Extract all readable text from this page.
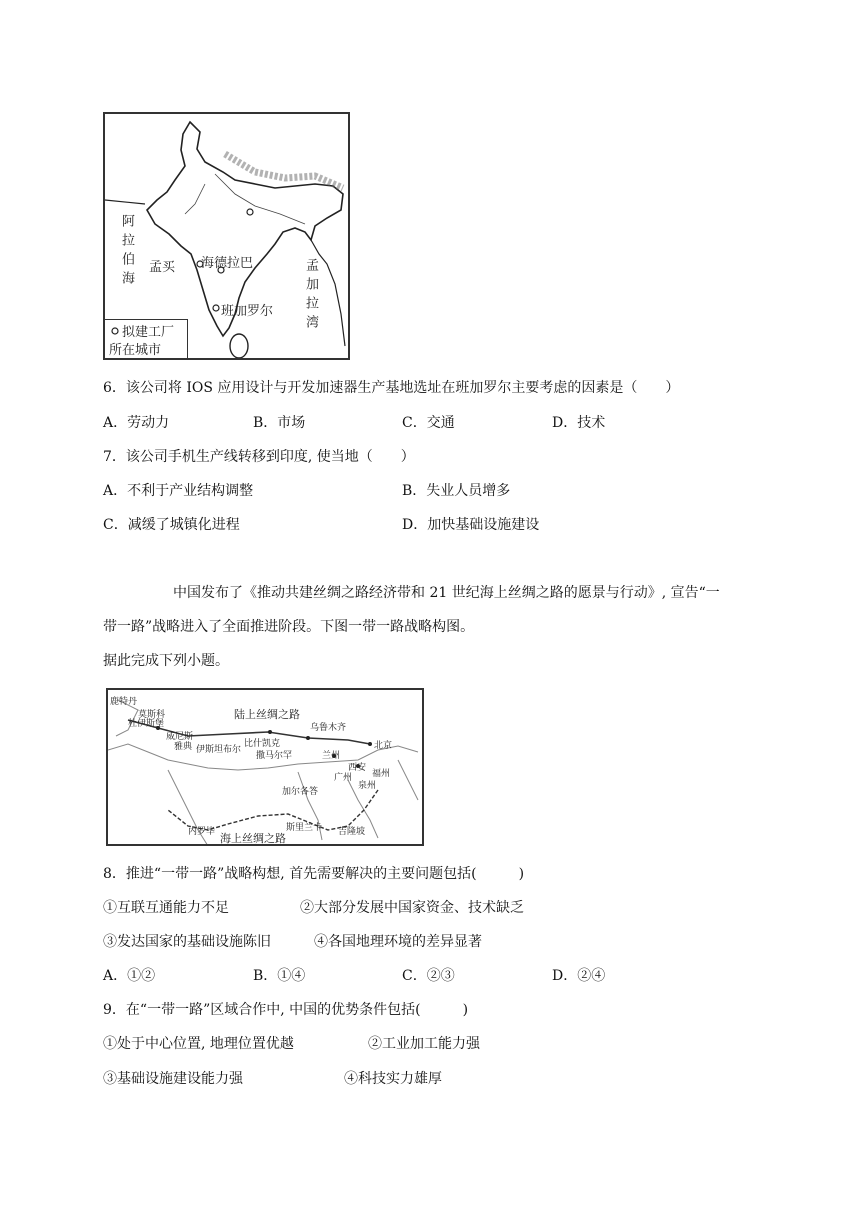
阿拉伯海
孟加拉湾
孟买 海德拉巴
班加罗尔
拟建工厂
所在城市
6．该公司将 IOS 应用设计与开发加速器生产基地选址在班加罗尔主要考虑的因素是（　　）
A．劳动力	B．市场	C．交通	D．技术
7．该公司手机生产线转移到印度, 使当地（　　）
A．不利于产业结构调整	B．失业人员增多
C．减缓了城镇化进程	D．加快基础设施建设
中国发布了《推动共建丝绸之路经济带和 21 世纪海上丝绸之路的愿景与行动》, 宣告“一
带一路”战略进入了全面推进阶段。下图一带一路战略构图。
据此完成下列小题。
鹿特丹
莫斯科
威尼斯
杜伊斯堡
雅典 伊斯坦布尔
陆上丝绸之路
比什凯克
撒马尔罕
乌鲁木齐
兰州
西安
北京
福州
泉州
广州
加尔各答
内罗毕	斯里兰卡 吉隆坡
海上丝绸之路
8．推进“一带一路”战略构想, 首先需要解决的主要问题包括(　　　)
①互联互通能力不足	②大部分发展中国家资金、技术缺乏
③发达国家的基础设施陈旧	④各国地理环境的差异显著
A．①②	B．①④	C．②③	D．②④
9．在“一带一路”区域合作中, 中国的优势条件包括(　　　)
①处于中心位置, 地理位置优越	②工业加工能力强
③基础设施建设能力强	④科技实力雄厚
